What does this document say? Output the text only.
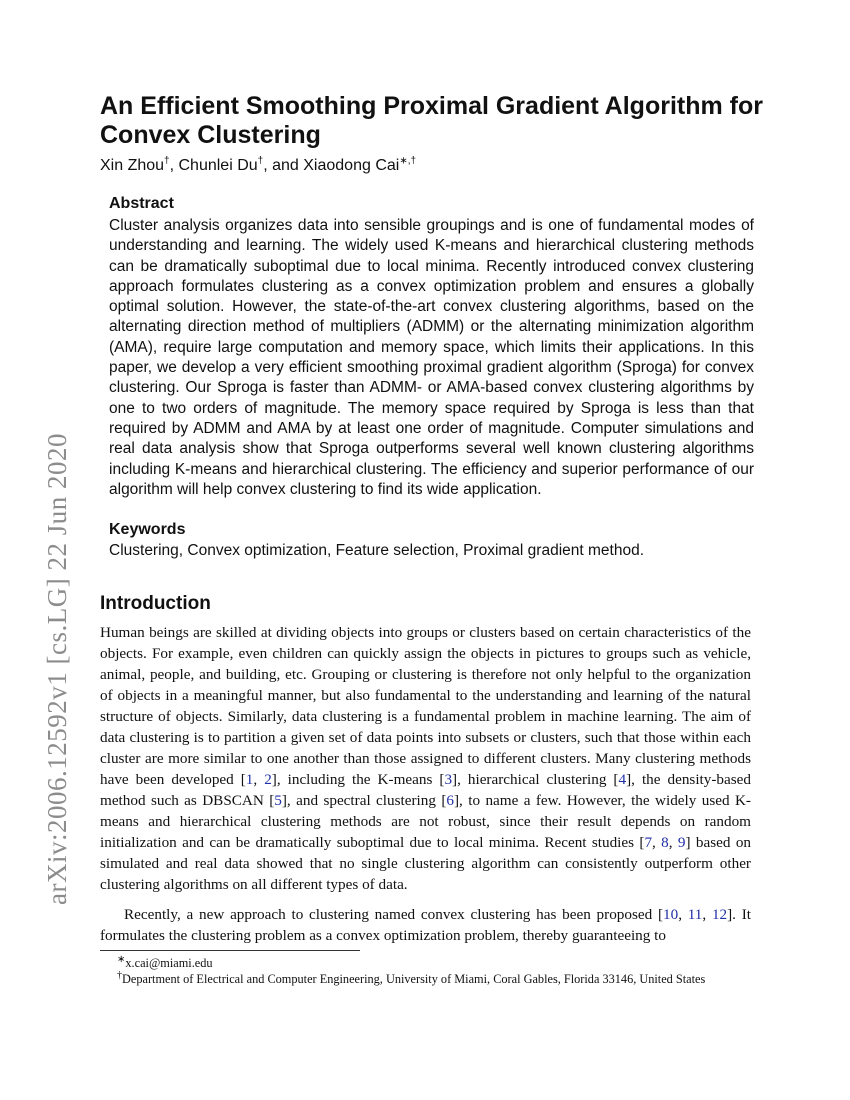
arXiv:2006.12592v1 [cs.LG] 22 Jun 2020
An Efficient Smoothing Proximal Gradient Algorithm for Convex Clustering
Xin Zhou†, Chunlei Du†, and Xiaodong Cai∗,†
Abstract

Cluster analysis organizes data into sensible groupings and is one of fundamental modes of understanding and learning. The widely used K-means and hierarchical clustering methods can be dramatically suboptimal due to local minima. Recently introduced convex clustering approach formulates clustering as a convex optimization problem and ensures a globally optimal solution. However, the state-of-the-art convex clustering algorithms, based on the alternating direction method of multipliers (ADMM) or the alternating minimization algorithm (AMA), require large computation and memory space, which limits their applications. In this paper, we develop a very efficient smoothing proximal gradient algorithm (Sproga) for convex clustering. Our Sproga is faster than ADMM- or AMA-based convex clustering algorithms by one to two orders of magnitude. The memory space required by Sproga is less than that required by ADMM and AMA by at least one order of magnitude. Computer simulations and real data analysis show that Sproga outperforms several well known clustering algorithms including K-means and hierarchical clustering. The efficiency and superior performance of our algorithm will help convex clustering to find its wide application.

Keywords

Clustering, Convex optimization, Feature selection, Proximal gradient method.

Introduction

Human beings are skilled at dividing objects into groups or clusters based on certain characteristics of the objects. For example, even children can quickly assign the objects in pictures to groups such as vehicle, animal, people, and building, etc. Grouping or clustering is therefore not only helpful to the organization of objects in a meaningful manner, but also fundamental to the understanding and learning of the natural structure of objects. Similarly, data clustering is a fundamental problem in machine learning. The aim of data clustering is to partition a given set of data points into subsets or clusters, such that those within each cluster are more similar to one another than those assigned to different clusters. Many clustering methods have been developed [1, 2], including the K-means [3], hierarchical clustering [4], the density-based method such as DBSCAN [5], and spectral clustering [6], to name a few. However, the widely used K-means and hierarchical clustering methods are not robust, since their result depends on random initialization and can be dramatically suboptimal due to local minima. Recent studies [7, 8, 9] based on simulated and real data showed that no single clustering algorithm can consistently outperform other clustering algorithms on all different types of data.

Recently, a new approach to clustering named convex clustering has been proposed [10, 11, 12]. It formulates the clustering problem as a convex optimization problem, thereby guaranteeing to

∗x.cai@miami.edu

†Department of Electrical and Computer Engineering, University of Miami, Coral Gables, Florida 33146, United States
